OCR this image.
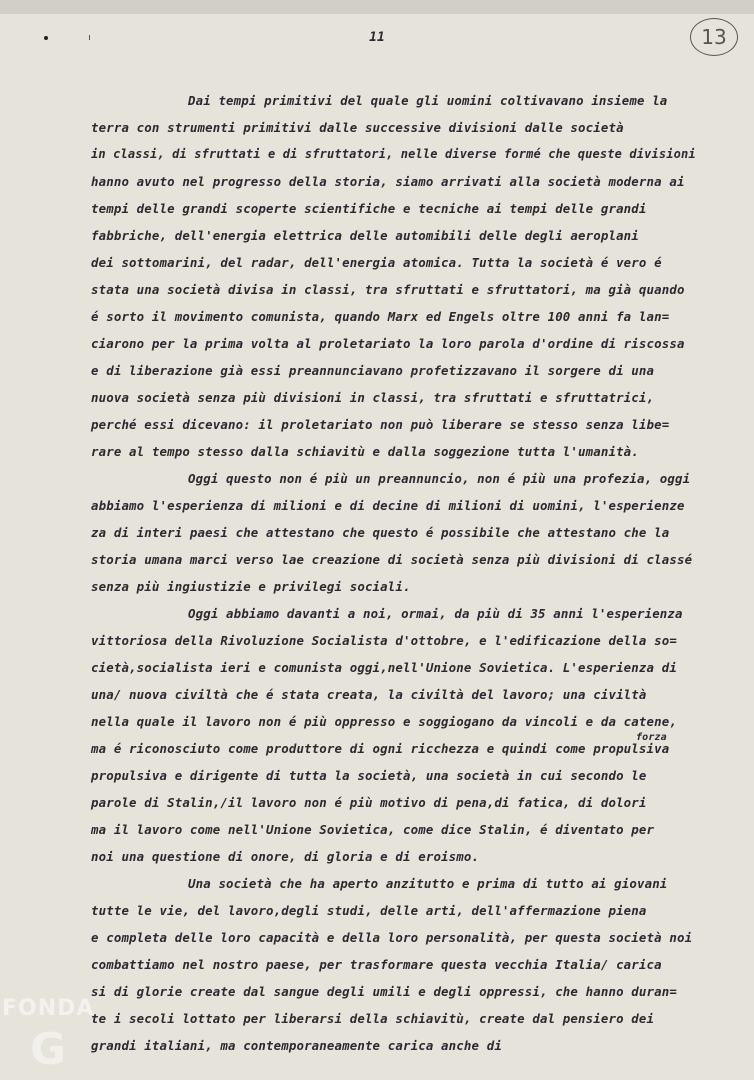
11	13
forza
Dai tempi primitivi del quale gli uomini coltivavano insieme la
terra con strumenti primitivi dalle successive divisioni dalle società
in classi, di sfruttati e di sfruttatori, nelle diverse formé che queste divisioni
hanno avuto nel progresso della storia, siamo arrivati alla società moderna ai
tempi delle grandi scoperte scientifiche e tecniche ai tempi delle grandi
fabbriche, dell'energia elettrica delle automibili delle degli aeroplani
dei sottomarini, del radar, dell'energia atomica. Tutta la società é vero é
stata una società divisa in classi, tra sfruttati e sfruttatori, ma già quando
é sorto il movimento comunista, quando Marx ed Engels oltre 100 anni fa lan=
ciarono per la prima volta al proletariato la loro parola d'ordine di riscossa
e di liberazione già essi preannunciavano profetizzavano il sorgere di una
nuova società senza più divisioni in classi, tra sfruttati e sfruttatrici,
perché essi dicevano: il proletariato non può liberare se stesso senza libe=
rare al tempo stesso dalla schiavitù e dalla soggezione tutta l'umanità.
Oggi questo non é più un preannuncio, non é più una profezia, oggi
abbiamo l'esperienza di milioni e di decine di milioni di uomini, l'esperienze
za di interi paesi che attestano che questo é possibile che attestano che la
storia umana marci verso lae creazione di società senza più divisioni di classé
senza più ingiustizie e privilegi sociali.
Oggi abbiamo davanti a noi, ormai, da più di 35 anni l'esperienza
vittoriosa della Rivoluzione Socialista d'ottobre, e l'edificazione della so=
cietà,socialista ieri e comunista oggi,nell'Unione Sovietica. L'esperienza di
una/ nuova civiltà che é stata creata, la civiltà del lavoro; una civiltà
nella quale il lavoro non é più oppresso e soggiogano da vincoli e da catene,
ma é riconosciuto come produttore di ogni ricchezza e quindi come propulsiva
propulsiva e dirigente di tutta la società, una società in cui secondo le
parole di Stalin,/il lavoro non é più motivo di pena,di fatica, di dolori
ma il lavoro come nell'Unione Sovietica, come dice Stalin, é diventato per
noi una questione di onore, di gloria e di eroismo.
Una società che ha aperto anzitutto e prima di tutto ai giovani
tutte le vie, del lavoro,degli studi, delle arti, dell'affermazione piena
e completa delle loro capacità e della loro personalità, per questa società noi
combattiamo nel nostro paese, per trasformare questa vecchia Italia/ carica
si di glorie create dal sangue degli umili e degli oppressi, che hanno duran=
te i secoli lottato per liberarsi della schiavitù, create dal pensiero dei
grandi italiani, ma contemporaneamente carica anche di
FONDA
G
